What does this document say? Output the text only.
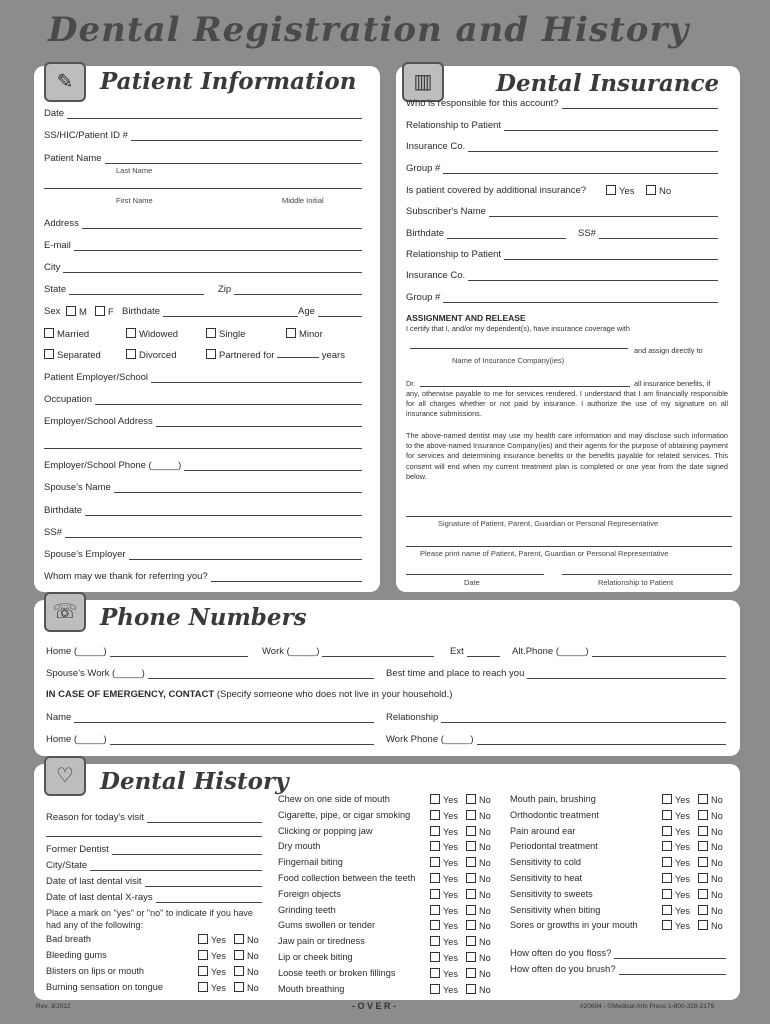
Dental Registration and History
✎	Patient Information
Date
SS/HIC/Patient ID #
Patient Name
Last Name
First Name	Middle Initial
Address
E-mail
City
State	Zip
Sex	M	F Birthdate	Age
Married	Widowed	Single	Minor
Separated	Divorced	Partnered for	years
Patient Employer/School
Occupation
Employer/School Address
Employer/School Phone (_____)
Spouse's Name
Birthdate
SS#
Spouse's Employer
Whom may we thank for referring you?
▥	Dental Insurance
Who is responsible for this account?
Relationship to Patient
Insurance Co.
Group #
Is patient covered by additional insurance?	Yes	No
Subscriber's Name
Birthdate	SS#
Relationship to Patient
Insurance Co.
Group #
ASSIGNMENT AND RELEASE
I certify that I, and/or my dependent(s), have insurance coverage with
and assign directly to
Name of Insurance Company(ies)
Dr.	all insurance benefits, if
any, otherwise payable to me for services rendered. I understand that I am financially responsible for all charges whether or not paid by insurance. I authorize the use of my signature on all insurance submissions.
The above-named dentist may use my health care information and may disclose such information to the above-named Insurance Company(ies) and their agents for the purpose of obtaining payment for services and determining insurance benefits or the benefits payable for related services. This consent will end when my current treatment plan is completed or one year from the date signed below.
Signature of Patient, Parent, Guardian or Personal Representative
Please print name of Patient, Parent, Guardian or Personal Representative
Date	Relationship to Patient
☏ Phone Numbers
Home (_____)	Work (_____)	Ext	Alt.Phone (_____)
Spouse's Work (_____)	Best time and place to reach you
IN CASE OF EMERGENCY, CONTACT (Specify someone who does not live in your household.)
Name	Relationship
Home (_____)	Work Phone (_____)
♡	Dental History
Reason for today's visit
Former Dentist
City/State
Date of last dental visit
Date of last dental X-rays
Place a mark on "yes" or "no" to indicate if you have had any of the following:
Bad breath	Yes	No
Bleeding gums	Yes	No
Blisters on lips or mouth	Yes	No
Burning sensation on tongue	Yes	No
Chew on one side of mouth	Yes	No
Cigarette, pipe, or cigar smoking	Yes	No
Clicking or popping jaw	Yes	No
Dry mouth	Yes	No
Fingernail biting	Yes	No
Food collection between the teeth	Yes	No
Foreign objects	Yes	No
Grinding teeth	Yes	No
Gums swollen or tender	Yes	No
Jaw pain or tiredness	Yes	No
Lip or cheek biting	Yes	No
Loose teeth or broken fillings	Yes	No
Mouth breathing	Yes	No
Mouth pain, brushing	Yes	No
Orthodontic treatment	Yes	No
Pain around ear	Yes	No
Periodontal treatment	Yes	No
Sensitivity to cold	Yes	No
Sensitivity to heat	Yes	No
Sensitivity to sweets	Yes	No
Sensitivity when biting	Yes	No
Sores or growths in your mouth	Yes	No
How often do you floss?
How often do you brush?
Rev. 3/2012	- O V E R -	#20694 - ©Medical Arts Press 1-800-328-2179
